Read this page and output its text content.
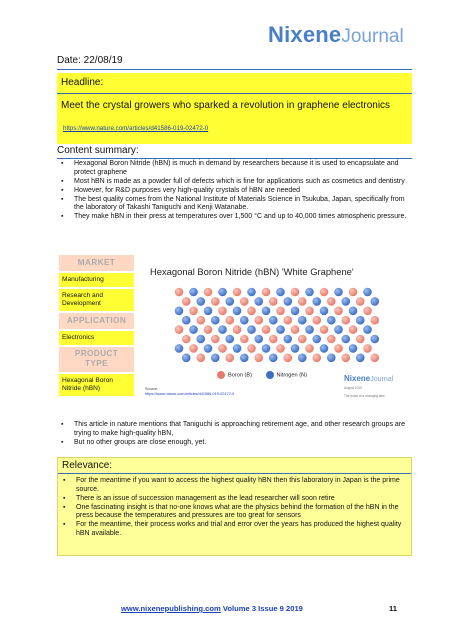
NixeneJournal
Date: 22/08/19
Headline:
Meet the crystal growers who sparked a revolution in graphene electronics
https://www.nature.com/articles/d41586-019-02472-0
Content summary:
▪ Hexagonal Boron Nitride (hBN) is much in demand by researchers because it is used to encapsulate and protect graphene
▪ Most hBN is made as a powder full of defects which is fine for applications such as cosmetics and dentistry
▪ However, for R&D purposes very high-quality crystals of hBN are needed
▪ The best quality comes from the National Institute of Materials Science in Tsukuba, Japan, specifically from the laboratory of Takashi Taniguchi and Kenji Watanabe.
▪ They make hBN in their press at temperatures over 1,500 °C and up to 40,000 times atmospheric pressure.
MARKET
Manufacturing
Research and Development
APPLICATION
Electronics
PRODUCT
TYPE
Hexagonal Boron Nitride (hBN)
Hexagonal Boron Nitride (hBN) 'White Graphene'
Boron (B)	Nitrogen (N)
Source:
https://www.nature.com/articles/d41586-019-02472-0
NixeneJournal
August 2019
The pulse of a changing time
▪ This article in nature mentions that Taniguchi is approaching retirement age, and other research groups are trying to make high-quality hBN,
▪ But no other groups are close enough, yet.
Relevance:
▪ For the meantime if you want to access the highest quality hBN then this laboratory in Japan is the prime source.
▪ There is an issue of succession management as the lead researcher will soon retire
▪ One fascinating insight is that no-one knows what are the physics behind the formation of the hBN in the press because the temperatures and pressures are too great for sensors
▪ For the meantime, their process works and trial and error over the years has produced the highest quality hBN available.
www.nixenepublishing.com Volume 3 Issue 9 2019	11
